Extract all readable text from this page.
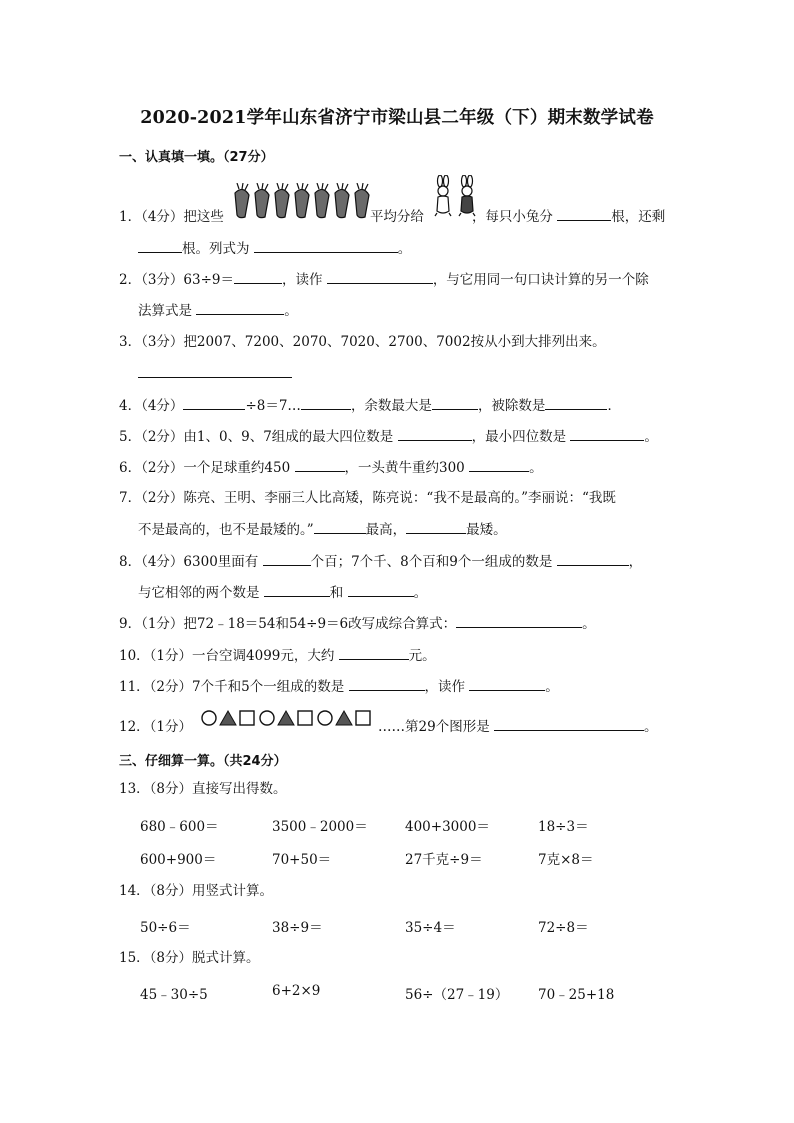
2020-2021学年山东省济宁市梁山县二年级（下）期末数学试卷
一、认真填一填。（27分）
1．（4分）把这些	平均分给	，每只小兔分	根，还剩
根。列式为	。
2．（3分）63÷9＝	，读作	，与它用同一句口诀计算的另一个除
法算式是	。
3．（3分）把2007、7200、2070、7020、2700、7002按从小到大排列出来。
4．（4分）	÷8＝7…	，余数最大是	，被除数是	．
5．（2分）由1、0、9、7组成的最大四位数是	，最小四位数是	。
6．（2分）一个足球重约450	，一头黄牛重约300	。
7．（2分）陈亮、王明、李丽三人比高矮，陈亮说：“我不是最高的。”李丽说：“我既
不是最高的，也不是最矮的。”	最高，	最矮。
8．（4分）6300里面有	个百；7个千、8个百和9个一组成的数是	，
与它相邻的两个数是	和	。
9．（1分）把72﹣18＝54和54÷9＝6改写成综合算式：	。
10．（1分）一台空调4099元，大约	元。
11．（2分）7个千和5个一组成的数是	，读作	。
12．（1分）	……第29个图形是	。
三、仔细算一算。（共24分）
13．（8分）直接写出得数。
680﹣600＝	3500﹣2000＝	400+3000＝	18÷3＝
600+900＝	70+50＝	27千克÷9＝	7克×8＝
14．（8分）用竖式计算。
50÷6＝	38÷9＝	35÷4＝	72÷8＝
15．（8分）脱式计算。
45﹣30÷5	6+2×9	56÷（27﹣19） 70﹣25+18
